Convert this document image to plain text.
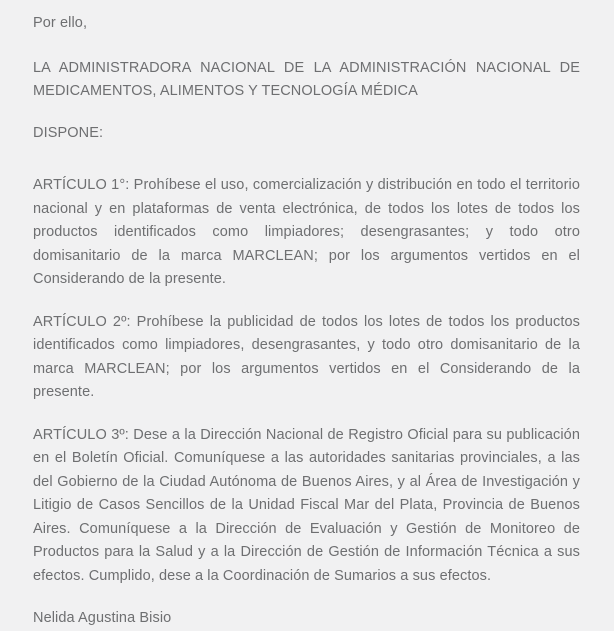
Por ello,

LA ADMINISTRADORA NACIONAL DE LA ADMINISTRACIÓN NACIONAL DE MEDICAMENTOS, ALIMENTOS Y TECNOLOGÍA MÉDICA

DISPONE:

ARTÍCULO 1°: Prohíbese el uso, comercialización y distribución en todo el territorio nacional y en plataformas de venta electrónica, de todos los lotes de todos los productos identificados como limpiadores; desengrasantes; y todo otro domisanitario de la marca MARCLEAN; por los argumentos vertidos en el Considerando de la presente.

ARTÍCULO 2º: Prohíbese la publicidad de todos los lotes de todos los productos identificados como limpiadores, desengrasantes, y todo otro domisanitario de la marca MARCLEAN; por los argumentos vertidos en el Considerando de la presente.

ARTÍCULO 3º: Dese a la Dirección Nacional de Registro Oficial para su publicación en el Boletín Oficial. Comuníquese a las autoridades sanitarias provinciales, a las del Gobierno de la Ciudad Autónoma de Buenos Aires, y al Área de Investigación y Litigio de Casos Sencillos de la Unidad Fiscal Mar del Plata, Provincia de Buenos Aires. Comuníquese a la Dirección de Evaluación y Gestión de Monitoreo de Productos para la Salud y a la Dirección de Gestión de Información Técnica a sus efectos. Cumplido, dese a la Coordinación de Sumarios a sus efectos.

Nelida Agustina Bisio
